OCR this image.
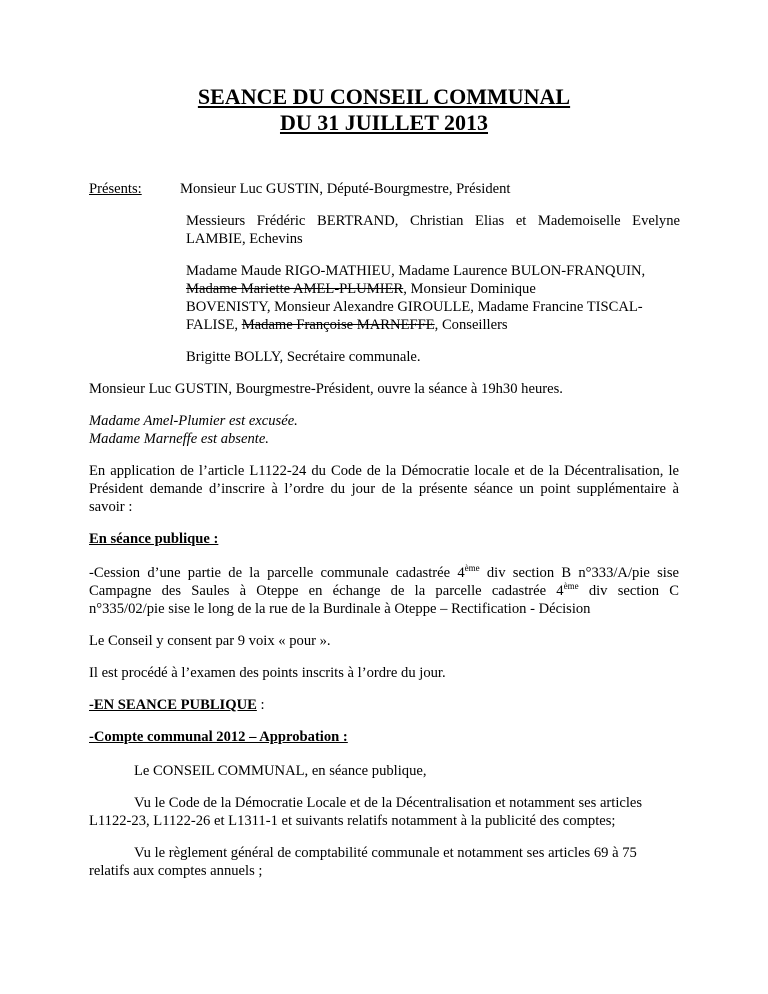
SEANCE DU CONSEIL COMMUNAL
DU 31 JUILLET 2013
Présents:	Monsieur Luc GUSTIN, Député-Bourgmestre, Président
Messieurs Frédéric BERTRAND, Christian Elias et Mademoiselle Evelyne
LAMBIE, Echevins
Madame Maude RIGO-MATHIEU, Madame Laurence BULON-FRANQUIN,
Madame Mariette AMEL-PLUMIER, Monsieur Dominique
BOVENISTY, Monsieur Alexandre GIROULLE, Madame Francine TISCAL-
FALISE, Madame Françoise MARNEFFE, Conseillers
Brigitte BOLLY, Secrétaire communale.
Monsieur Luc GUSTIN, Bourgmestre-Président, ouvre la séance à 19h30 heures.
Madame Amel-Plumier est excusée.
Madame Marneffe est absente.
En application de l’article L1122-24 du Code de la Démocratie locale et de la Décentralisation, le
Président demande d’inscrire à l’ordre du jour de la présente séance un point supplémentaire à
savoir :
En séance publique :
-Cession d’une partie de la parcelle communale cadastrée 4ème div section B n°333/A/pie sise
Campagne des Saules à Oteppe en échange de la parcelle cadastrée 4ème div section C
n°335/02/pie sise le long de la rue de la Burdinale à Oteppe – Rectification - Décision
Le Conseil y consent par 9 voix « pour ».
Il est procédé à l’examen des points inscrits à l’ordre du jour.
-EN SEANCE PUBLIQUE :
-Compte communal 2012 – Approbation :
Le CONSEIL COMMUNAL, en séance publique,
Vu le Code de la Démocratie Locale et de la Décentralisation et notamment ses articles
L1122-23, L1122-26 et L1311-1 et suivants relatifs notamment à la publicité des comptes;
Vu le règlement général de comptabilité communale et notamment ses articles 69 à 75
relatifs aux comptes annuels ;
